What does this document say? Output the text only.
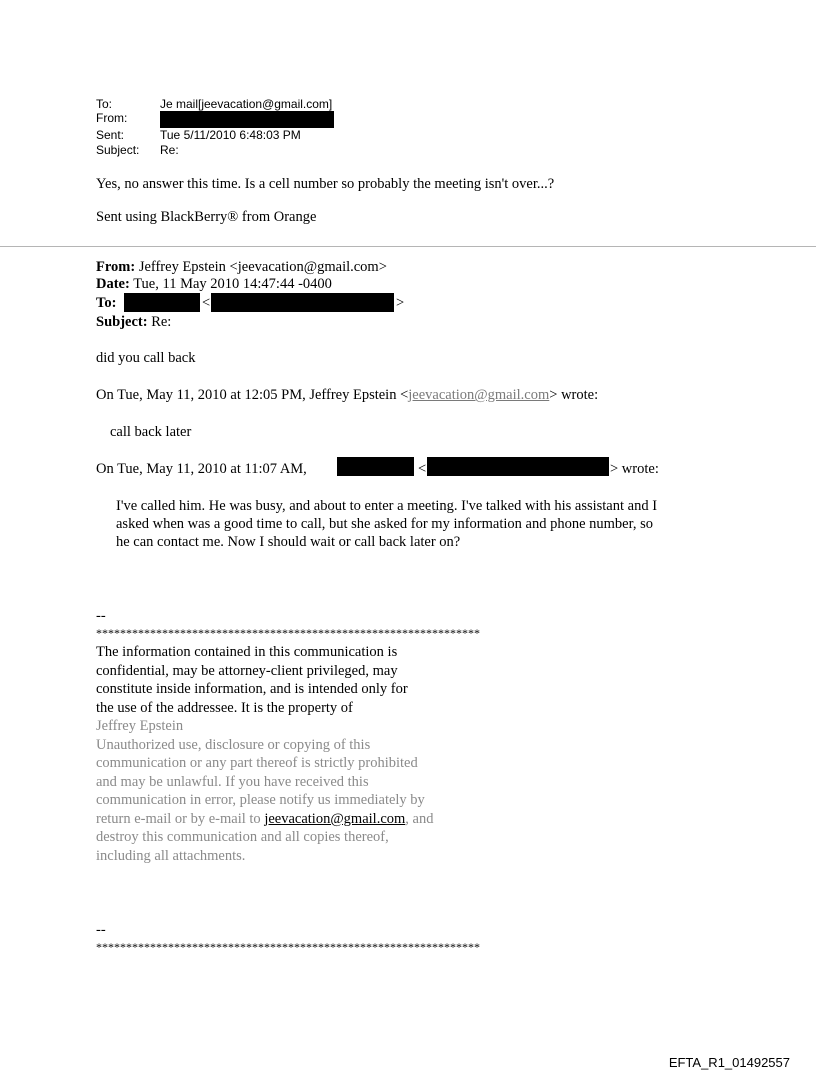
To:	Je mail[jeevacation@gmail.com]
From:
Sent:	Tue 5/11/2010 6:48:03 PM
Subject: Re:
Yes, no answer this time. Is a cell number so probably the meeting isn't over...?
Sent using BlackBerry® from Orange
From: Jeffrey Epstein <jeevacation@gmail.com>
Date: Tue, 11 May 2010 14:47:44 -0400
To:	<	>
Subject: Re:
did you call back
On Tue, May 11, 2010 at 12:05 PM, Jeffrey Epstein <jeevacation@gmail.com> wrote:
call back later
On Tue, May 11, 2010 at 11:07 AM,	<	> wrote:
I've called him. He was busy, and about to enter a meeting. I've talked with his assistant and I
asked when was a good time to call, but she asked for my information and phone number, so
he can contact me. Now I should wait or call back later on?
--
****************************************************************
The information contained in this communication is
confidential, may be attorney-client privileged, may
constitute inside information, and is intended only for
the use of the addressee. It is the property of
Jeffrey Epstein
Unauthorized use, disclosure or copying of this
communication or any part thereof is strictly prohibited
and may be unlawful. If you have received this
communication in error, please notify us immediately by
return e-mail or by e-mail to jeevacation@gmail.com, and
destroy this communication and all copies thereof,
including all attachments.
--
****************************************************************
EFTA_R1_01492557
